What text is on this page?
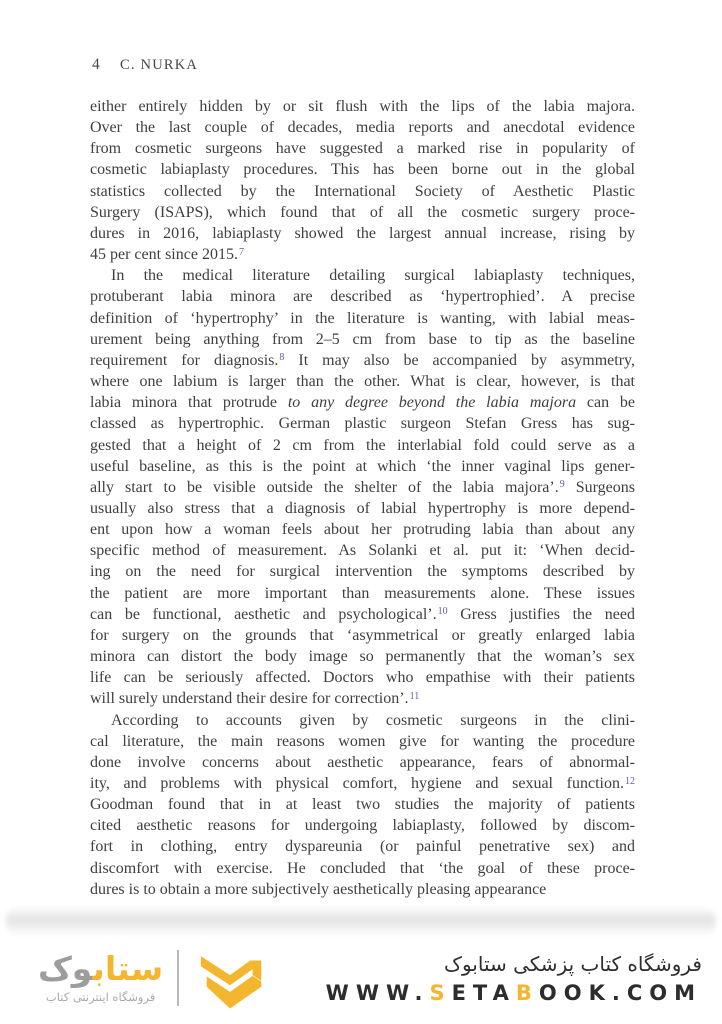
4 C. NURKA
either entirely hidden by or sit flush with the lips of the labia majora.
Over the last couple of decades, media reports and anecdotal evidence
from cosmetic surgeons have suggested a marked rise in popularity of
cosmetic labiaplasty procedures. This has been borne out in the global
statistics collected by the International Society of Aesthetic Plastic
Surgery (ISAPS), which found that of all the cosmetic surgery proce-
dures in 2016, labiaplasty showed the largest annual increase, rising by
45 per cent since 2015.$^7$
In the medical literature detailing surgical labiaplasty techniques,
protuberant labia minora are described as ‘hypertrophied’. A precise
definition of ‘hypertrophy’ in the literature is wanting, with labial meas-
urement being anything from 2–5 cm from base to tip as the baseline
requirement for diagnosis.$^8$ It may also be accompanied by asymmetry,
where one labium is larger than the other. What is clear, however, is that
labia minora that protrude to any degree beyond the labia majora can be
classed as hypertrophic. German plastic surgeon Stefan Gress has sug-
gested that a height of 2 cm from the interlabial fold could serve as a
useful baseline, as this is the point at which ‘the inner vaginal lips gener-
ally start to be visible outside the shelter of the labia majora’.$^9$ Surgeons
usually also stress that a diagnosis of labial hypertrophy is more depend-
ent upon how a woman feels about her protruding labia than about any
specific method of measurement. As Solanki et al. put it: ‘When decid-
ing on the need for surgical intervention the symptoms described by
the patient are more important than measurements alone. These issues
can be functional, aesthetic and psychological’.$^{10}$ Gress justifies the need
for surgery on the grounds that ‘asymmetrical or greatly enlarged labia
minora can distort the body image so permanently that the woman’s sex
life can be seriously affected. Doctors who empathise with their patients
will surely understand their desire for correction’.$^{11}$
According to accounts given by cosmetic surgeons in the clini-
cal literature, the main reasons women give for wanting the procedure
done involve concerns about aesthetic appearance, fears of abnormal-
ity, and problems with physical comfort, hygiene and sexual function.$^{12}$
Goodman found that in at least two studies the majority of patients
cited aesthetic reasons for undergoing labiaplasty, followed by discom-
fort in clothing, entry dyspareunia (or painful penetrative sex) and
discomfort with exercise. He concluded that ‘the goal of these proce-
dures is to obtain a more subjectively aesthetically pleasing appearance
ستابوک
فروشگاه اینترنتی کتاب
فروشگاه کتاب پزشکی ستابوک
WWW.SETABOOK.COM
